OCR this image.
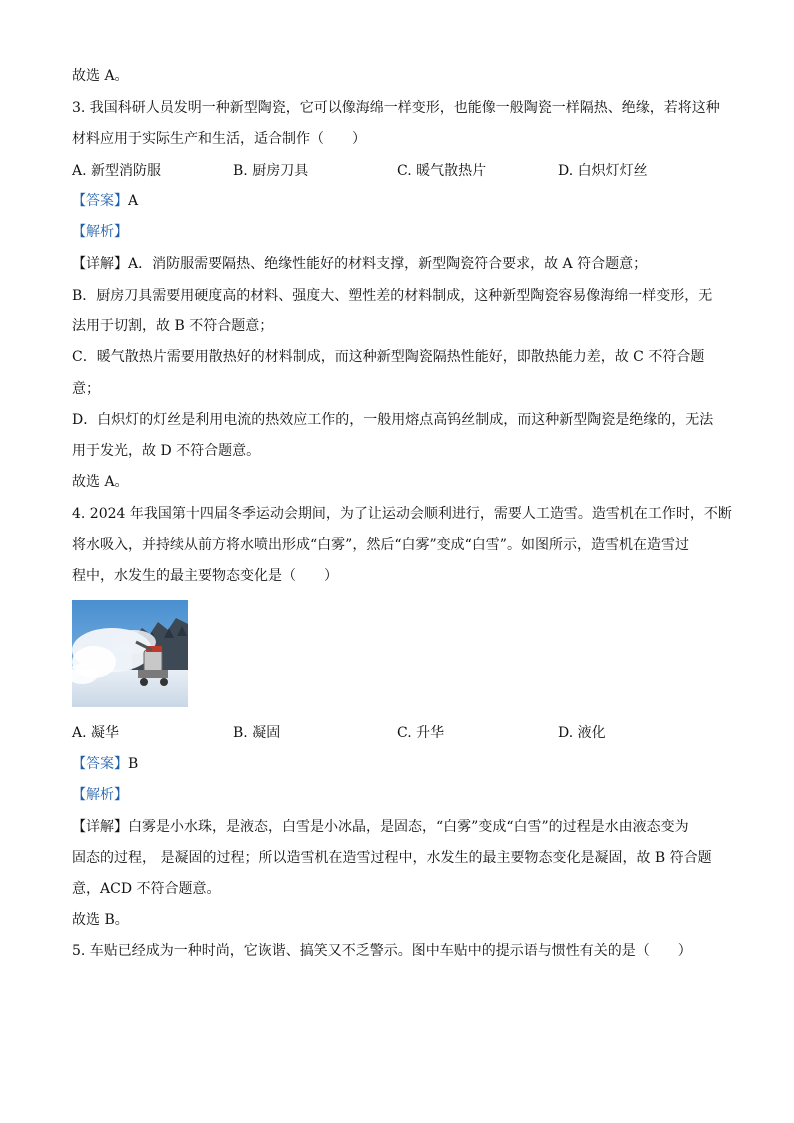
故选 A。
3. 我国科研人员发明一种新型陶瓷，它可以像海绵一样变形，也能像一般陶瓷一样隔热、绝缘，若将这种
材料应用于实际生产和生活，适合制作（　　）
A. 新型消防服	B. 厨房刀具	C. 暖气散热片	D. 白炽灯灯丝
【答案】A
【解析】
【详解】A．消防服需要隔热、绝缘性能好的材料支撑，新型陶瓷符合要求，故 A 符合题意；
B．厨房刀具需要用硬度高的材料、强度大、塑性差的材料制成，这种新型陶瓷容易像海绵一样变形，无
法用于切割，故 B 不符合题意；
C．暖气散热片需要用散热好的材料制成，而这种新型陶瓷隔热性能好，即散热能力差，故 C 不符合题
意；
D．白炽灯的灯丝是利用电流的热效应工作的，一般用熔点高钨丝制成，而这种新型陶瓷是绝缘的，无法
用于发光，故 D 不符合题意。
故选 A。
4. 2024 年我国第十四届冬季运动会期间，为了让运动会顺利进行，需要人工造雪。造雪机在工作时，不断
将水吸入，并持续从前方将水喷出形成“白雾”，然后“白雾”变成“白雪”。如图所示，造雪机在造雪过
程中，水发生的最主要物态变化是（　　）
A. 凝华	B. 凝固	C. 升华	D. 液化
【答案】B
【解析】
【详解】白雾是小水珠，是液态，白雪是小冰晶，是固态，“白雾”变成“白雪”的过程是水由液态变为
固态的过程， 是凝固的过程；所以造雪机在造雪过程中，水发生的最主要物态变化是凝固，故 B 符合题
意，ACD 不符合题意。
故选 B。
5. 车贴已经成为一种时尚，它诙谐、搞笑又不乏警示。图中车贴中的提示语与惯性有关的是（　　）
